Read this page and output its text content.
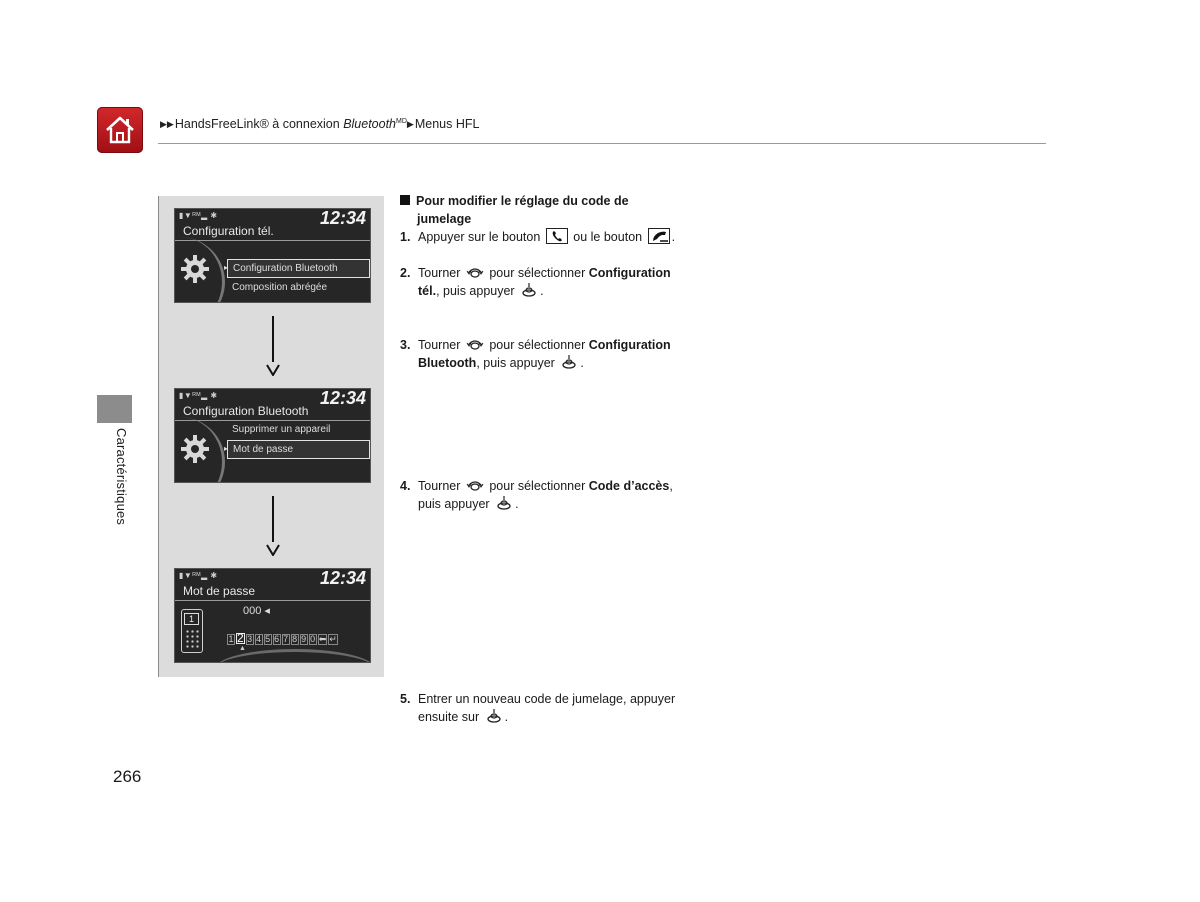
▶▶HandsFreeLink® à connexion Bluetooth$^{MD}$▶Menus HFL
Caractéristiques
▮▼ᴿᴹ▂ ✱	12:34
Configuration tél.
▸ Configuration Bluetooth
Composition abrégée
▮▼ᴿᴹ▂ ✱	12:34
Configuration Bluetooth
Supprimer un appareil
▸ Mot de passe
▮▼ᴿᴹ▂ ✱	12:34
Mot de passe
1
000 ◂
1 2 3 4 5 6 7 8 9 0 ⬅ ↵
▲
Pour modifier le réglage du code de
jumelage
1. Appuyer sur le bouton	ou le bouton .
2. Tourner pour sélectionner Configuration
tél., puis appuyer .
3. Tourner pour sélectionner Configuration
Bluetooth, puis appuyer .
4. Tourner pour sélectionner Code d’accès,
puis appuyer .
5. Entrer un nouveau code de jumelage, appuyer
ensuite sur .
266
